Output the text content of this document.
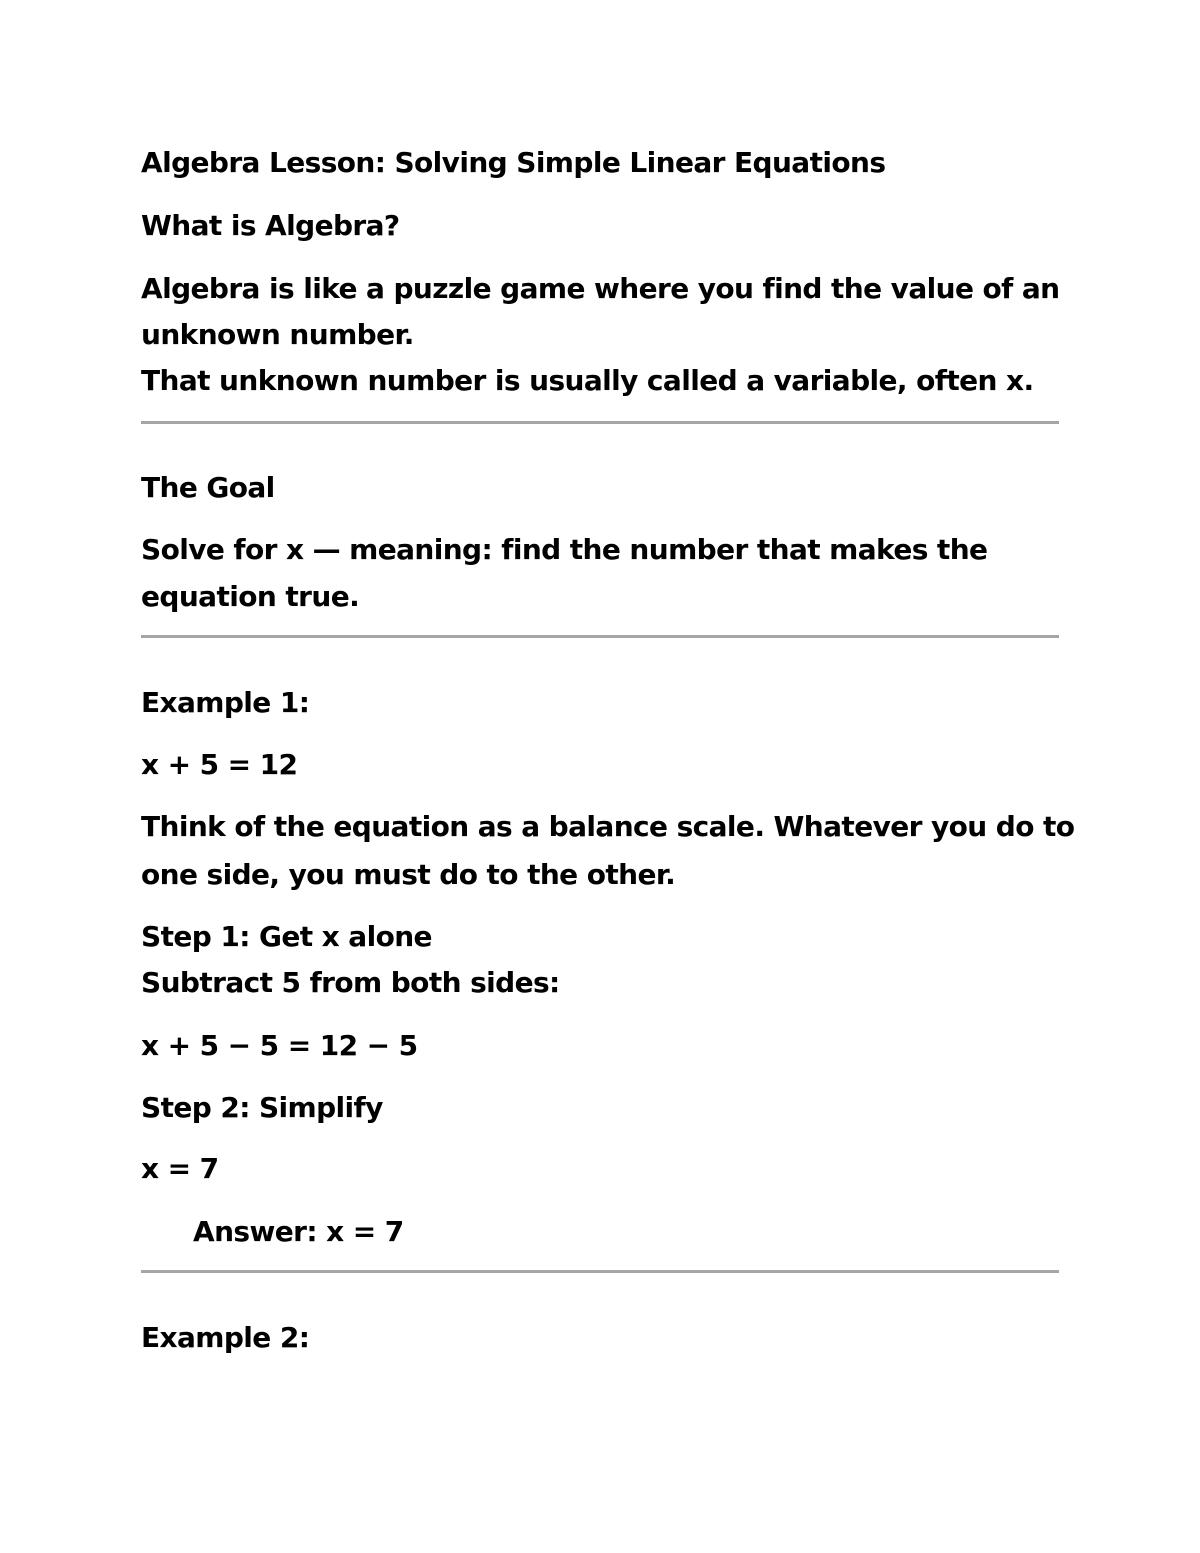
Algebra Lesson: Solving Simple Linear Equations
What is Algebra?
Algebra is like a puzzle game where you find the value of an
unknown number.
That unknown number is usually called a variable, often x.
The Goal
Solve for x — meaning: find the number that makes the
equation true.
Example 1:
x + 5 = 12
Think of the equation as a balance scale. Whatever you do to
one side, you must do to the other.
Step 1: Get x alone
Subtract 5 from both sides:
x + 5 − 5 = 12 − 5
Step 2: Simplify
x = 7
Answer: x = 7
Example 2:
